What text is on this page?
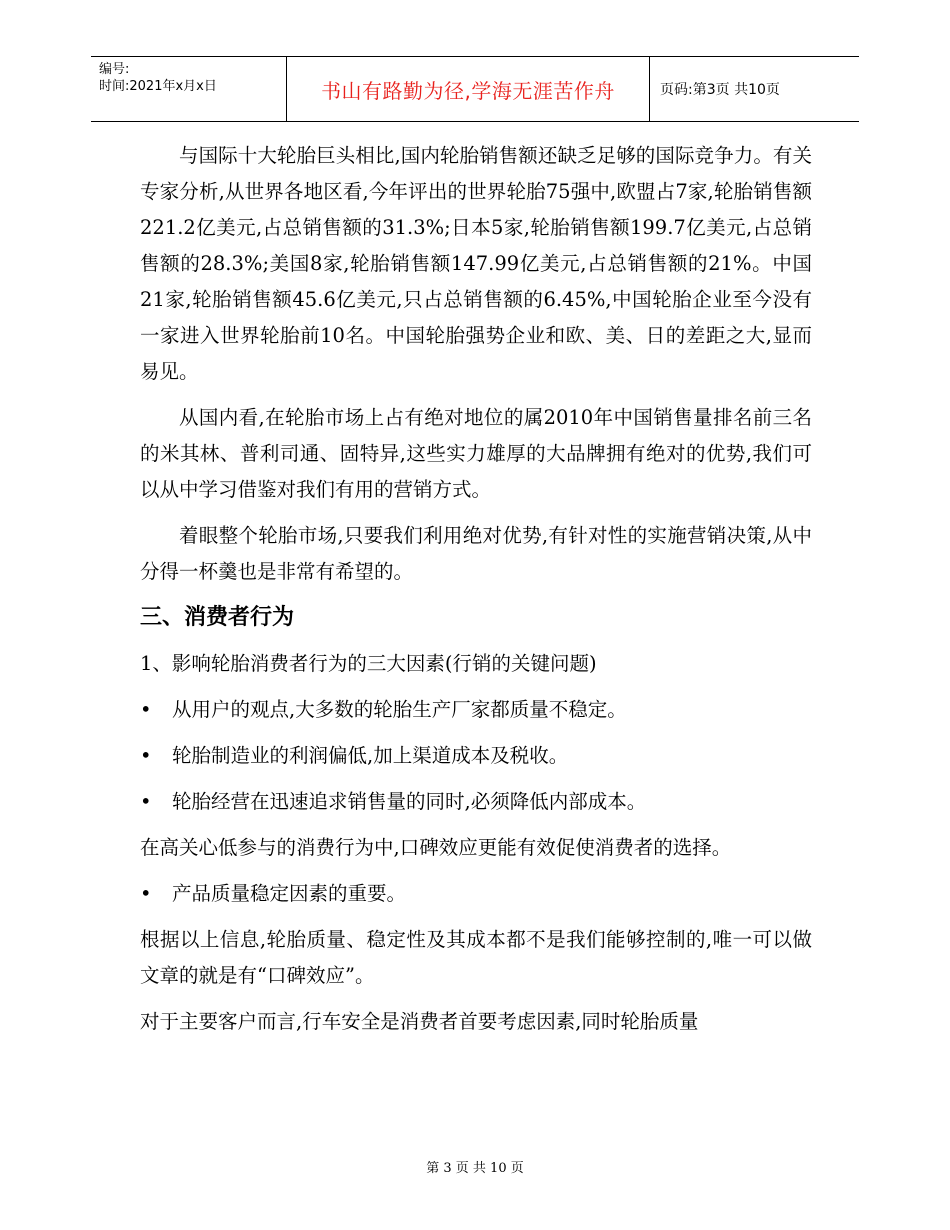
编号:
时间:2021年x月x日	书山有路勤为径,学海无涯苦作舟	页码:第3页 共10页

与国际十大轮胎巨头相比,国内轮胎销售额还缺乏足够的国际竞争力。有关专家分析,从世界各地区看,今年评出的世界轮胎75强中,欧盟占7家,轮胎销售额221.2亿美元,占总销售额的31.3%;日本5家,轮胎销售额199.7亿美元,占总销售额的28.3%;美国8家,轮胎销售额147.99亿美元,占总销售额的21%。中国21家,轮胎销售额45.6亿美元,只占总销售额的6.45%,中国轮胎企业至今没有一家进入世界轮胎前10名。中国轮胎强势企业和欧、美、日的差距之大,显而易见。

从国内看,在轮胎市场上占有绝对地位的属2010年中国销售量排名前三名的米其林、普利司通、固特异,这些实力雄厚的大品牌拥有绝对的优势,我们可以从中学习借鉴对我们有用的营销方式。

着眼整个轮胎市场,只要我们利用绝对优势,有针对性的实施营销决策,从中分得一杯羹也是非常有希望的。

三、消费者行为

1、影响轮胎消费者行为的三大因素(行销的关键问题)

•	从用户的观点,大多数的轮胎生产厂家都质量不稳定。
•	轮胎制造业的利润偏低,加上渠道成本及税收。
•	轮胎经营在迅速追求销售量的同时,必须降低内部成本。

在高关心低参与的消费行为中,口碑效应更能有效促使消费者的选择。

•	产品质量稳定因素的重要。

根据以上信息,轮胎质量、稳定性及其成本都不是我们能够控制的,唯一可以做文章的就是有“口碑效应”。

对于主要客户而言,行车安全是消费者首要考虑因素,同时轮胎质量

第 3 页 共 10 页
